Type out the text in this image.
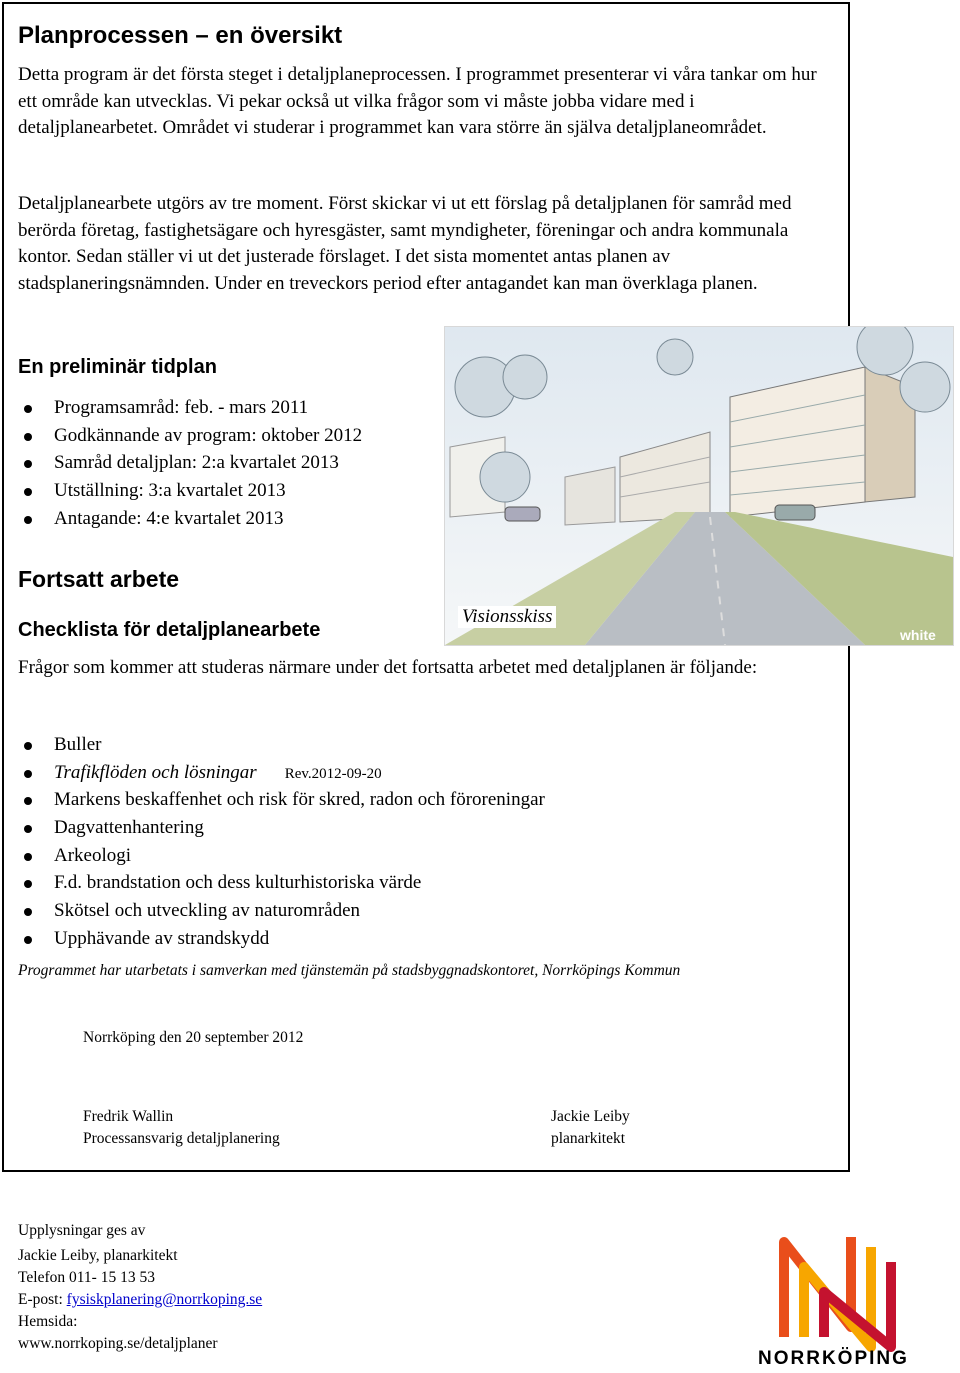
Planprocessen – en översikt
Detta program är det första steget i detaljplaneprocessen. I programmet presenterar vi våra tankar om hur ett område kan utvecklas. Vi pekar också ut vilka frågor som vi måste jobba vidare med i detaljplanearbetet. Området vi studerar i programmet kan vara större än själva detaljplaneområdet.
Detaljplanearbete utgörs av tre moment. Först skickar vi ut ett förslag på detaljplanen för samråd med berörda företag, fastighetsägare och hyresgäster, samt myndigheter, föreningar och andra kommunala kontor. Sedan ställer vi ut det justerade förslaget. I det sista momentet antas planen av stadsplaneringsnämnden. Under en treveckors period efter antagandet kan man överklaga planen.
En preliminär tidplan
Programsamråd: feb. - mars 2011
Godkännande av program: oktober 2012
Samråd detaljplan: 2:a kvartalet 2013
Utställning: 3:a kvartalet 2013
Antagande: 4:e kvartalet 2013
white
Visionsskiss
Fortsatt arbete
Checklista för detaljplanearbete
Frågor som kommer att studeras närmare under det fortsatta arbetet med detaljplanen är följande:
Buller
Trafikflöden och lösningar Rev.2012-09-20
Markens beskaffenhet och risk för skred, radon och föroreningar
Dagvattenhantering
Arkeologi
F.d. brandstation och dess kulturhistoriska värde
Skötsel och utveckling av naturområden
Upphävande av strandskydd
Programmet har utarbetats i samverkan med tjänstemän på stadsbyggnadskontoret, Norrköpings Kommun
Norrköping den 20 september 2012
Fredrik Wallin
Processansvarig detaljplanering
Jackie Leiby
planarkitekt
Upplysningar ges av
Jackie Leiby, planarkitekt
Telefon 011- 15 13 53
E-post: fysiskplanering@norrkoping.se
Hemsida:
www.norrkoping.se/detaljplaner
NORRKÖPING
